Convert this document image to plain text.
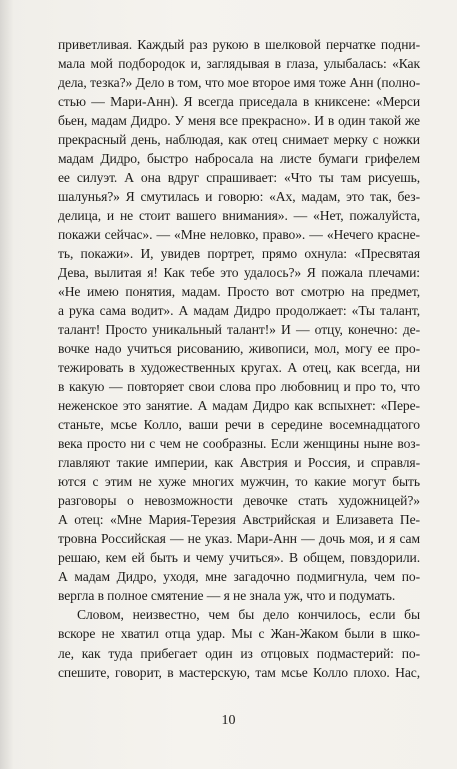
приветливая. Каждый раз рукою в шелковой перчатке подни-
мала мой подбородок и, заглядывая в глаза, улыбалась: «Как
дела, тезка?» Дело в том, что мое второе имя тоже Анн (полно-
стью — Мари-Анн). Я всегда приседала в книксене: «Мерси
бьен, мадам Дидро. У меня все прекрасно». И в один такой же
прекрасный день, наблюдая, как отец снимает мерку с ножки
мадам Дидро, быстро набросала на листе бумаги грифелем
ее силуэт. А она вдруг спрашивает: «Что ты там рисуешь,
шалунья?» Я смутилась и говорю: «Ах, мадам, это так, без-
делица, и не стоит вашего внимания». — «Нет, пожалуйста,
покажи сейчас». — «Мне неловко, право». — «Нечего красне-
ть, покажи». И, увидев портрет, прямо охнула: «Пресвятая
Дева, вылитая я! Как тебе это удалось?» Я пожала плечами:
«Не имею понятия, мадам. Просто вот смотрю на предмет,
а рука сама водит». А мадам Дидро продолжает: «Ты талант,
талант! Просто уникальный талант!» И — отцу, конечно: де-
вочке надо учиться рисованию, живописи, мол, могу ее про-
тежировать в художественных кругах. А отец, как всегда, ни
в какую — повторяет свои слова про любовниц и про то, что
неженское это занятие. А мадам Дидро как вспыхнет: «Пере-
станьте, мсье Колло, ваши речи в середине восемнадцатого
века просто ни с чем не сообразны. Если женщины ныне воз-
главляют такие империи, как Австрия и Россия, и справля-
ются с этим не хуже многих мужчин, то какие могут быть
разговоры о невозможности девочке стать художницей?»
А отец: «Мне Мария-Терезия Австрийская и Елизавета Пе-
тровна Российская — не указ. Мари-Анн — дочь моя, и я сам
решаю, кем ей быть и чему учиться». В общем, повздорили.
А мадам Дидро, уходя, мне загадочно подмигнула, чем по-
вергла в полное смятение — я не знала уж, что и подумать.
Словом, неизвестно, чем бы дело кончилось, если бы
вскоре не хватил отца удар. Мы с Жан-Жаком были в шко-
ле, как туда прибегает один из отцовых подмастерий: по-
спешите, говорит, в мастерскую, там мсье Колло плохо. Нас,
10
